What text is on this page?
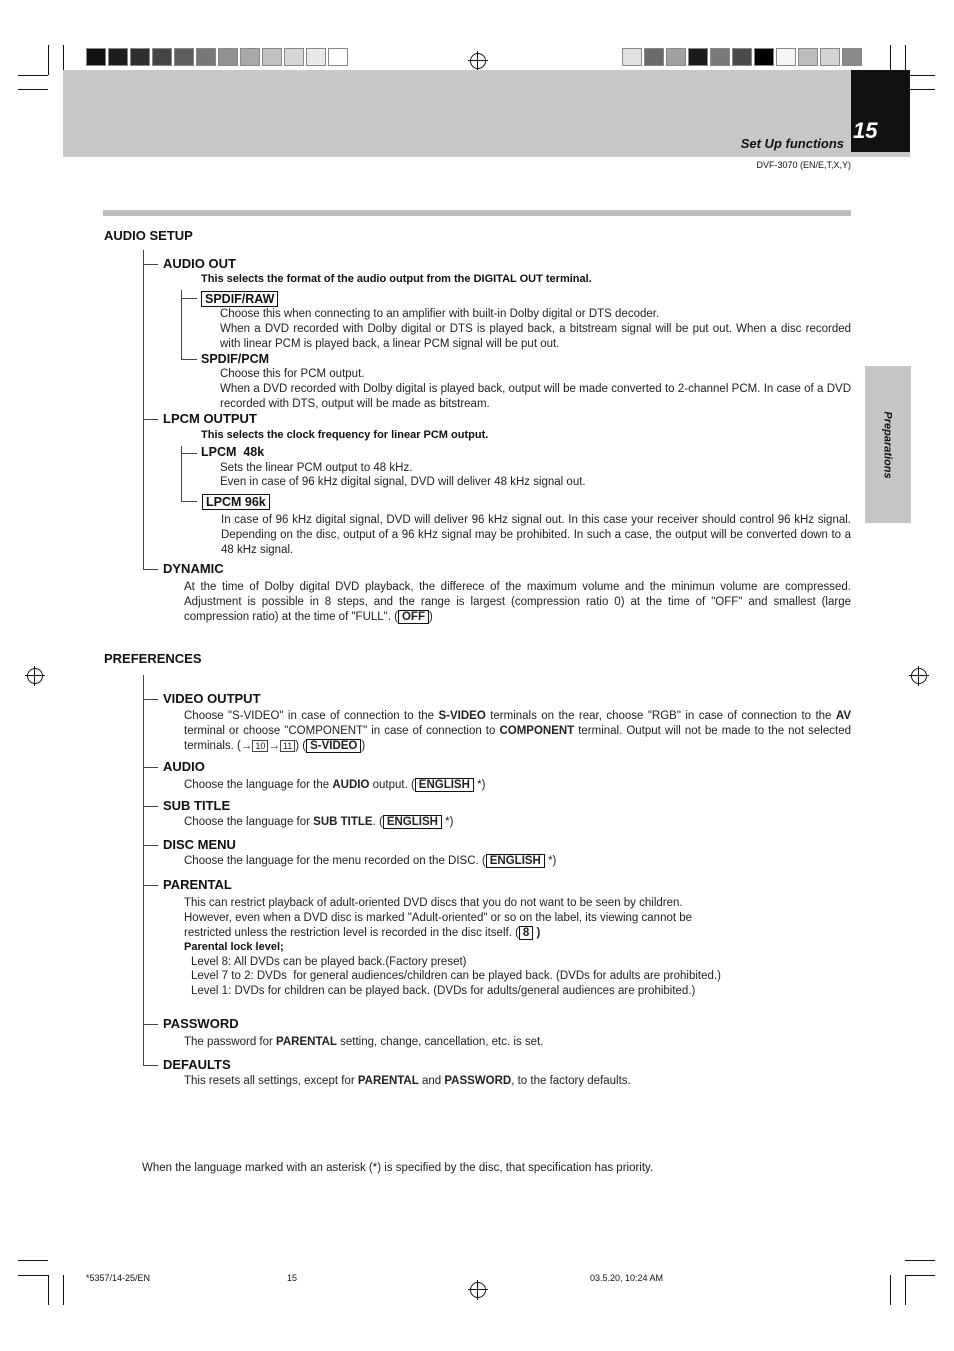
15
Set Up functions
DVF-3070 (EN/E,T,X,Y)
Preparations
AUDIO SETUP
AUDIO OUT
This selects the format of the audio output from the DIGITAL OUT terminal.
SPDIF/RAW
Choose this when connecting to an amplifier with built-in Dolby digital or DTS decoder.
When a DVD recorded with Dolby digital or DTS is played back, a bitstream signal will be put out. When a disc recorded with linear PCM is played back, a linear PCM signal will be put out.
SPDIF/PCM
Choose this for PCM output.
When a DVD recorded with Dolby digital is played back, output will be made converted to 2-channel PCM. In case of a DVD recorded with DTS, output will be made as bitstream.
LPCM OUTPUT
This selects the clock frequency for linear PCM output.
LPCM  48k
Sets the linear PCM output to 48 kHz.
Even in case of 96 kHz digital signal, DVD will deliver 48 kHz signal out.
LPCM 96k
In case of 96 kHz digital signal, DVD will deliver 96 kHz signal out. In this case your receiver should control 96 kHz signal. Depending on the disc, output of a 96 kHz signal may be prohibited. In such a case, the output will be converted down to a 48 kHz signal.
DYNAMIC
At the time of Dolby digital DVD playback, the differece of the maximum volume and the minimun volume are compressed. Adjustment is possible in 8 steps, and the range is largest (compression ratio 0) at the time of "OFF" and smallest (large compression ratio) at the time of "FULL". ( OFF )
PREFERENCES
VIDEO OUTPUT
Choose "S-VIDEO" in case of connection to the S-VIDEO terminals on the rear, choose "RGB" in case of connection to the AV terminal or choose "COMPONENT" in case of connection to COMPONENT terminal. Output will not be made to the not selected terminals. (→ 10 → 11 ) ( S-VIDEO )
AUDIO
Choose the language for the AUDIO output. ( ENGLISH *)
SUB TITLE
Choose the language for SUB TITLE. ( ENGLISH *)
DISC MENU
Choose the language for the menu recorded on the DISC. ( ENGLISH *)
PARENTAL
This can restrict playback of adult-oriented DVD discs that you do not want to be seen by children.
However, even when a DVD disc is marked "Adult-oriented" or so on the label, its viewing cannot be
restricted unless the restriction level is recorded in the disc itself. ( 8 )
Parental lock level;
Level 8: All DVDs can be played back.(Factory preset)
Level 7 to 2: DVDs  for general audiences/children can be played back. (DVDs for adults are prohibited.)
Level 1: DVDs for children can be played back. (DVDs for adults/general audiences are prohibited.)
PASSWORD
The password for PARENTAL setting, change, cancellation, etc. is set.
DEFAULTS
This resets all settings, except for PARENTAL and PASSWORD, to the factory defaults.
When the language marked with an asterisk (*) is specified by the disc, that specification has priority.
*5357/14-25/EN	15	03.5.20, 10:24 AM
